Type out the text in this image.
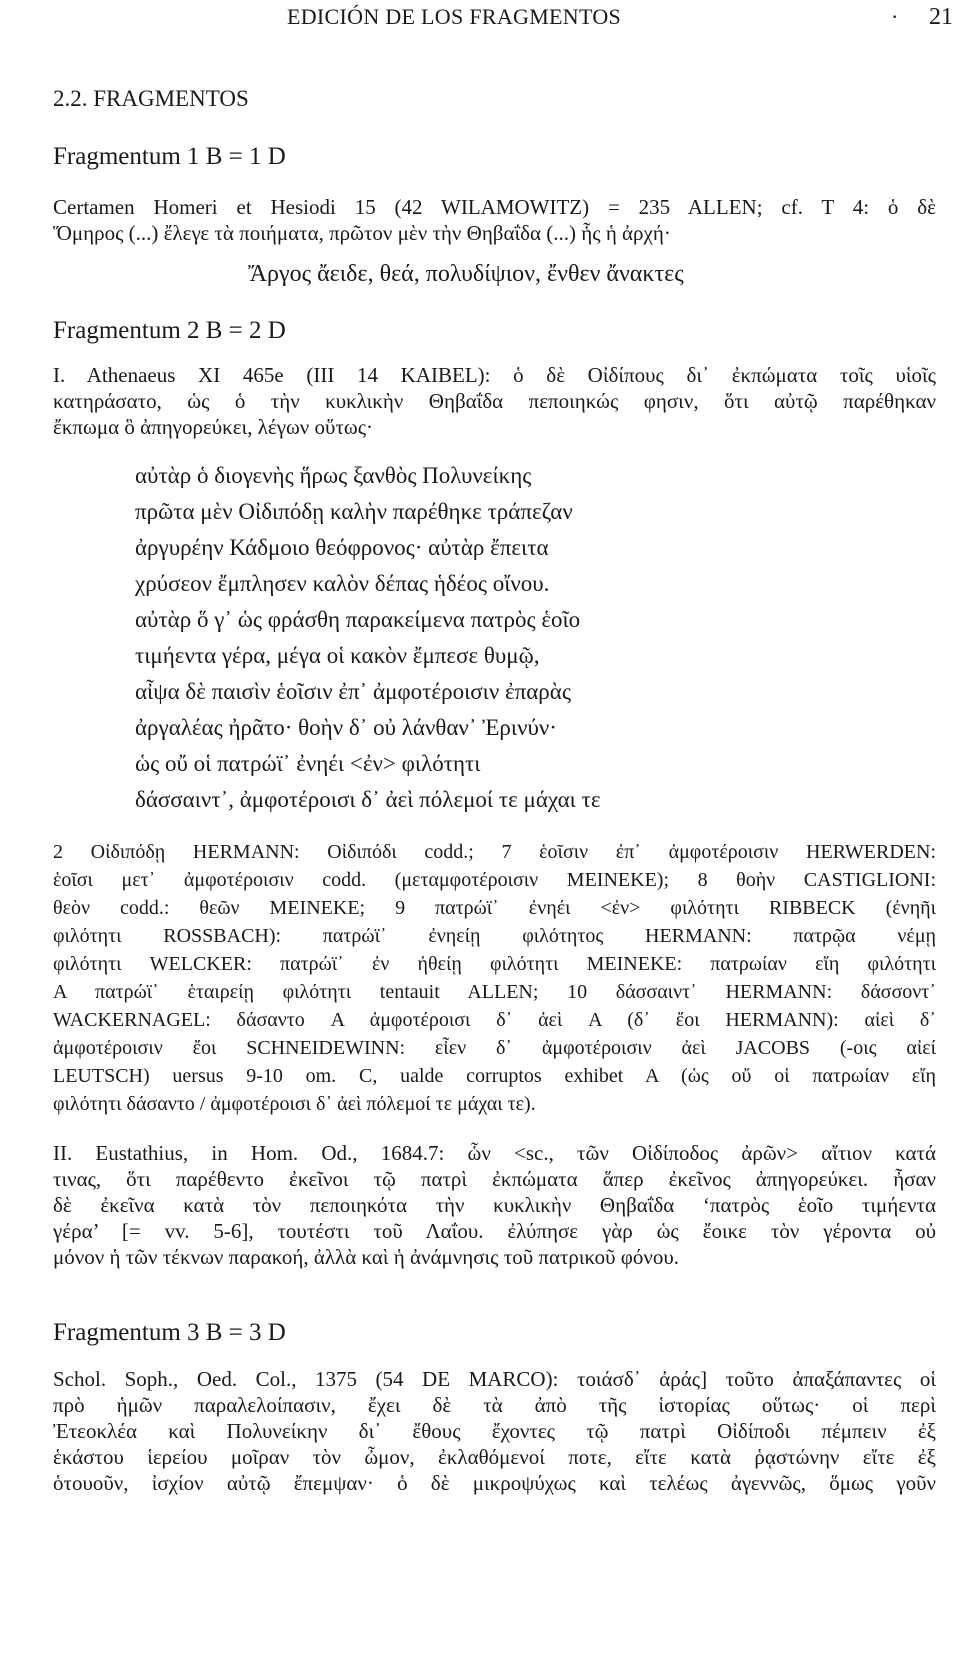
EDICIÓN DE LOS FRAGMENTOS	· 21
2.2. FRAGMENTOS
Fragmentum 1 B = 1 D

Certamen Homeri et Hesiodi 15 (42 WILAMOWITZ) = 235 ALLEN; cf. T 4: ὁ δὲ

Ὅμηρος (...) ἔλεγε τὰ ποιήματα, πρῶτον μὲν τὴν Θηβαΐδα (...) ἧς ἡ ἀρχή·

Ἄργος ἄειδε, θεά, πολυδίψιον, ἔνθεν ἄνακτες

Fragmentum 2 B = 2 D

I. Athenaeus XI 465e (III 14 KAIBEL): ὁ δὲ Οἰδίπους δι᾽ ἐκπώματα τοῖς υἱοῖς

κατηράσατο, ὡς ὁ τὴν κυκλικὴν Θηβαΐδα πεποιηκώς φησιν, ὅτι αὐτῷ παρέθηκαν

ἔκπωμα ὃ ἀπηγορεύκει, λέγων οὕτως·

αὐτὰρ ὁ διογενὴς ἥρως ξανθὸς Πολυνείκης

πρῶτα μὲν Οἰδιπόδῃ καλὴν παρέθηκε τράπεζαν

ἀργυρέην Κάδμοιο θεόφρονος· αὐτὰρ ἔπειτα

χρύσεον ἔμπλησεν καλὸν δέπας ἡδέος οἴνου.

αὐτὰρ ὅ γ᾽ ὡς φράσθη παρακείμενα πατρὸς ἑοῖο

τιμήεντα γέρα, μέγα οἱ κακὸν ἔμπεσε θυμῷ,

αἶψα δὲ παισὶν ἑοῖσιν ἐπ᾽ ἀμφοτέροισιν ἐπαρὰς

ἀργαλέας ἠρᾶτο· θοὴν δ᾽ οὐ λάνθαν᾽ Ἐρινύν·

ὡς οὔ οἱ πατρώϊ᾽ ἐνηέι <ἐν> φιλότητι

δάσσαιντ᾽, ἀμφοτέροισι δ᾽ ἀεὶ πόλεμοί τε μάχαι τε

2 Οἰδιπόδῃ HERMANN: Οἰδιπόδι codd.; 7 ἑοῖσιν ἐπ᾽ ἀμφοτέροισιν HERWERDEN:

ἑοῖσι μετ᾽ ἀμφοτέροισιν codd. (μεταμφοτέροισιν MEINEKE); 8 θοὴν CASTIGLIONI:

θεὸν codd.: θεῶν MEINEKE; 9 πατρώϊ᾽ ἐνηέι <ἐν> φιλότητι RIBBECK (ἐνηῆι

φιλότητι ROSSBACH): πατρώϊ᾽ ἐνηείῃ φιλότητος HERMANN: πατρῷα νέμῃ

φιλότητι WELCKER: πατρώϊ᾽ ἐν ἠθείῃ φιλότητι MEINEKE: πατρωίαν εἴη φιλότητι

A πατρώϊ᾽ ἑταιρείῃ φιλότητι tentauit ALLEN; 10 δάσσαιντ᾽ HERMANN: δάσσοντ᾽

WACKERNAGEL: δάσαντο A ἀμφοτέροισι δ᾽ ἀεὶ A (δ᾽ ἔοι HERMANN): αἰεὶ δ᾽

ἀμφοτέροισιν ἔοι SCHNEIDEWINN: εἶεν δ᾽ ἀμφοτέροισιν ἀεὶ JACOBS (-οις αἰεί

LEUTSCH) uersus 9-10 om. C, ualde corruptos exhibet A (ὡς οὔ οἱ πατρωίαν εἴη

φιλότητι δάσαντο / ἀμφοτέροισι δ᾽ ἀεὶ πόλεμοί τε μάχαι τε).

II. Eustathius, in Hom. Od., 1684.7: ὧν <sc., τῶν Οἰδίποδος ἀρῶν> αἴτιον κατά

τινας, ὅτι παρέθεντο ἐκεῖνοι τῷ πατρὶ ἐκπώματα ἅπερ ἐκεῖνος ἀπηγορεύκει. ἦσαν

δὲ ἐκεῖνα κατὰ τὸν πεποιηκότα τὴν κυκλικὴν Θηβαΐδα ‘πατρὸς ἑοῖο τιμήεντα

γέρα’ [= vv. 5-6], τουτέστι τοῦ Λαΐου. ἐλύπησε γὰρ ὡς ἔοικε τὸν γέροντα οὐ

μόνον ἡ τῶν τέκνων παρακοή, ἀλλὰ καὶ ἡ ἀνάμνησις τοῦ πατρικοῦ φόνου.

Fragmentum 3 B = 3 D

Schol. Soph., Oed. Col., 1375 (54 DE MARCO): τοιάσδ᾽ ἀράς] τοῦτο ἀπαξάπαντες οἱ

πρὸ ἡμῶν παραλελοίπασιν, ἔχει δὲ τὰ ἀπὸ τῆς ἱστορίας οὕτως· οἱ περὶ

Ἐτεοκλέα καὶ Πολυνείκην δι᾽ ἔθους ἔχοντες τῷ πατρὶ Οἰδίποδι πέμπειν ἐξ

ἑκάστου ἱερείου μοῖραν τὸν ὦμον, ἐκλαθόμενοί ποτε, εἴτε κατὰ ῥᾳστώνην εἴτε ἐξ

ὁτουοῦν, ἰσχίον αὐτῷ ἔπεμψαν· ὁ δὲ μικροψύχως καὶ τελέως ἀγεννῶς, ὅμως γοῦν
